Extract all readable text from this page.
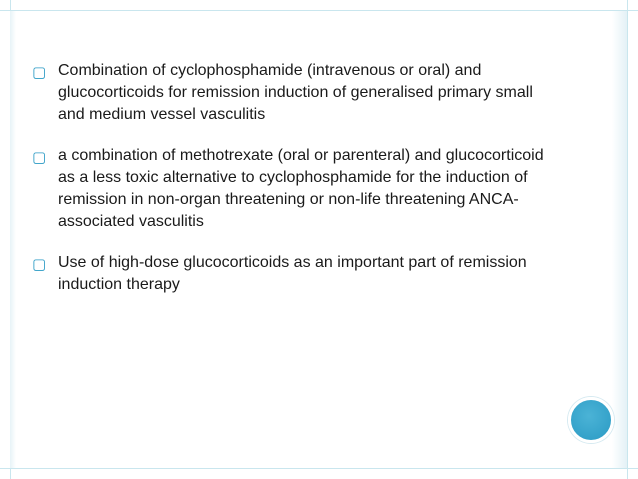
▢ Combination of cyclophosphamide (intravenous or oral) and glucocorticoids for remission induction of generalised primary small and medium vessel vasculitis
▢ a combination of methotrexate (oral or parenteral) and glucocorticoid as a less toxic alternative to cyclophosphamide for the induction of remission in non-organ threatening or non-life threatening ANCA-associated vasculitis
▢ Use of high-dose glucocorticoids as an important part of remission induction therapy
